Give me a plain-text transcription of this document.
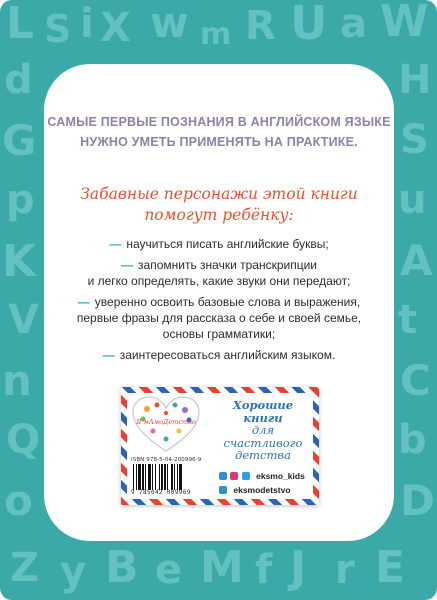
L S i X w m R U a W
d
G
p
K
V
n
Q
o
H
S
u
A
t
C
b
D
Z y B e M f J r E

САМЫЕ ПЕРВЫЕ ПОЗНАНИЯ В АНГЛИЙСКОМ ЯЗЫКЕ
НУЖНО УМЕТЬ ПРИМЕНЯТЬ НА ПРАКТИКЕ.

Забавные персонажи этой книги
помогут ребёнку:

— научиться писать английские буквы;
— запомнить значки транскрипции
и легко определять, какие звуки они передают;
— уверенно освоить базовые слова и выражения,
первые фразы для рассказа о себе и своей семье,
основы грамматики;
— заинтересоваться английским языком.
Я мАмоДетство
ISBN 978-5-04-200996-9
9 785042 009969
Хорошие
книги
для счастливого
детства
eksmo_kids
eksmodetstvo
